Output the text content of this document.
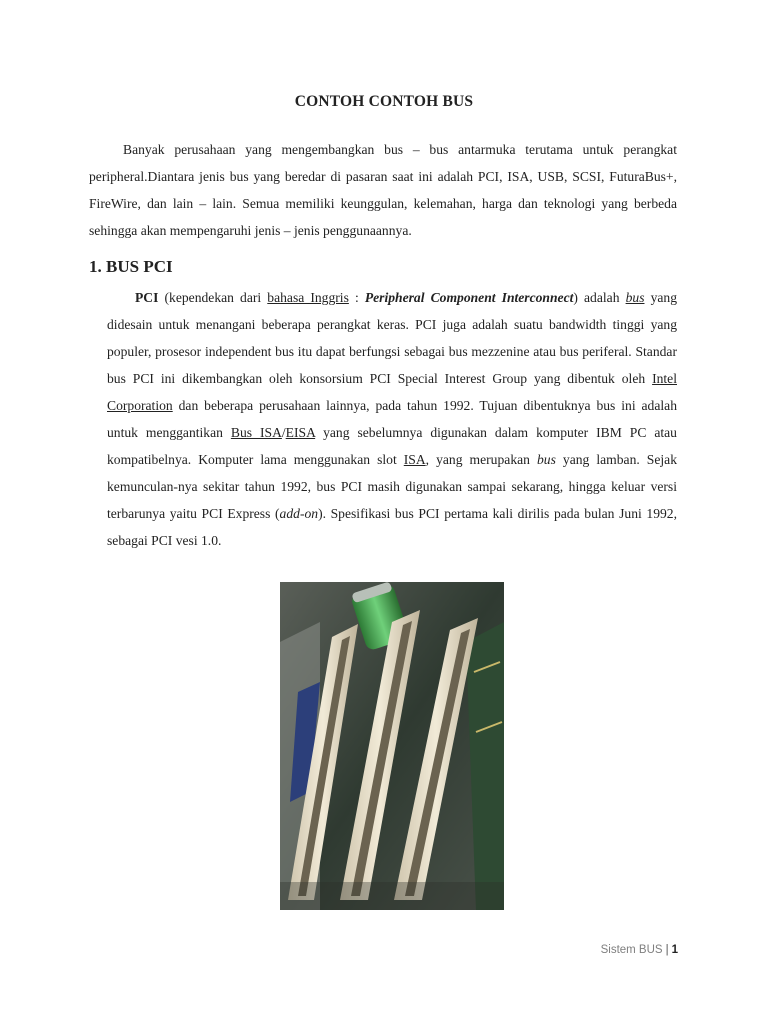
CONTOH CONTOH BUS
Banyak perusahaan yang mengembangkan bus – bus antarmuka terutama untuk perangkat peripheral.Diantara jenis bus yang beredar di pasaran saat ini adalah PCI, ISA, USB, SCSI, FuturaBus+, FireWire, dan lain – lain. Semua memiliki keunggulan, kelemahan, harga dan teknologi yang berbeda sehingga akan mempengaruhi jenis – jenis penggunaannya.
1. BUS PCI
PCI (kependekan dari bahasa Inggris : Peripheral Component Interconnect) adalah bus yang didesain untuk menangani beberapa perangkat keras. PCI juga adalah suatu bandwidth tinggi yang populer, prosesor independent bus itu dapat berfungsi sebagai bus mezzenine atau bus periferal. Standar bus PCI ini dikembangkan oleh konsorsium PCI Special Interest Group yang dibentuk oleh Intel Corporation dan beberapa perusahaan lainnya, pada tahun 1992. Tujuan dibentuknya bus ini adalah untuk menggantikan Bus ISA/EISA yang sebelumnya digunakan dalam komputer IBM PC atau kompatibelnya. Komputer lama menggunakan slot ISA, yang merupakan bus yang lamban. Sejak kemunculan-nya sekitar tahun 1992, bus PCI masih digunakan sampai sekarang, hingga keluar versi terbarunya yaitu PCI Express (add-on). Spesifikasi bus PCI pertama kali dirilis pada bulan Juni 1992, sebagai PCI vesi 1.0.
Sistem BUS | 1
